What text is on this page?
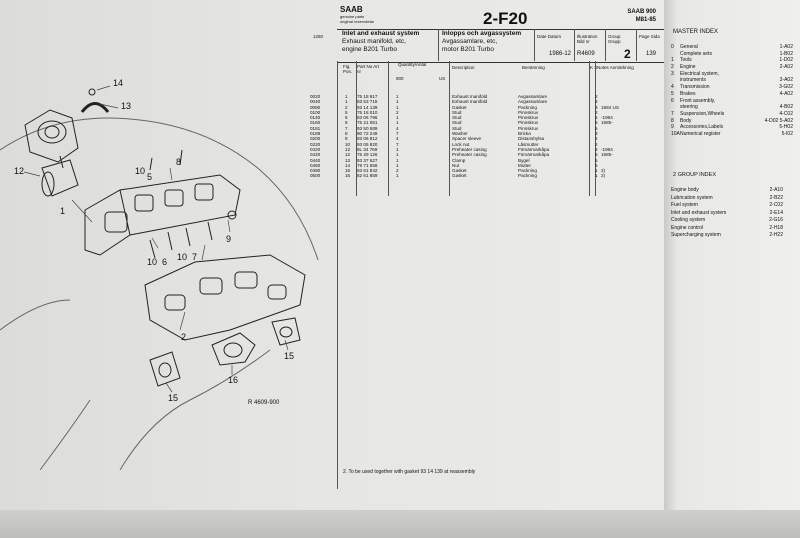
14
13
10
5
8
12
1
9
10 6 10 7
2
16
15
15	R 4609-900
SAAB
genuine parts
original reservdelar	2-F20	SAAB 900
M81-85
1250	Inlet and exhaust system
Exhaust manifold, etc,
engine B201 Turbo
Inlopps och avgassystem
Avgassamlare, etc,
motor B201 Turbo
Date Datum	Illustration Bild nr
Group Grupp
Page Sida
1986-12 R4609 2	139
Fig. Pos.
Part No Art nr
Quantity/Antal
900	US
Description	Benämning	K S Notes Anmärkning
0020	1 75 18 917	1	Exhaust manifold	Avgassamlare	2
0040	1 93 53 715	1	Exhaust manifold	Avgassamlare	3
0080	2 93 14 139	1	Gasket	Packning	3 1984 US
0100	5 75 18 010	2	Stud	Pinnskruv	2
0140	6 93 06 796	1	Stud	Pinnskruv	5 -1984
0160	6 75 21 061	1	Stud	Pinnskruv	5 1985-
0181	7 93 50 589	4	Stud	Pinnskruv	5
0188	8 90 72 249	7	Washer	Bricka	3
0200	9 93 06 812	4	Spacer sleeve	Distanshylsa	2
0220	10 93 06 820	7	Lock nut	Låsmutter	2
0420	12 8L 34 769	1	Preheater casing	Förvärmarkåpa	8 -1984
0420	12 75 29 126	1	Preheater casing	Förvärmarkåpa	6 1985-
0440	13 93 37 627	1	Clamp	Bygel	5
0460	14 79 71 658	1	Nut	Mutter	5
0480	15 93 61 842	2	Gasket	Packning	1 2)
0500	16 82 61 859	1	Gasket	Packning	1 2)
2. To be used together with gasket 93 14 139 at reassembly
MASTER INDEX
0 General	1-A02
Complete sets	1-B02
1 Tools	1-D02
2 Engine	2-A02
3 Electrical system,
instruments	3-A02
4 Transmission	3-G02
5 Brakes	4-A02
6 Front assembly,
steering	4-B02
7 Suspension,Wheels	4-C02
8 Body	4-D02 5-A02
9 Accessories,Labels	5-H02
10A Numerical register	5-I02
2 GROUP INDEX
Engine body	2-A10
Lubrication system	2-B22
Fuel system	2-C02
Inlet and exhaust system	2-E14
Cooling system	2-G16
Engine control	2-H18
Supercharging system	2-H22
